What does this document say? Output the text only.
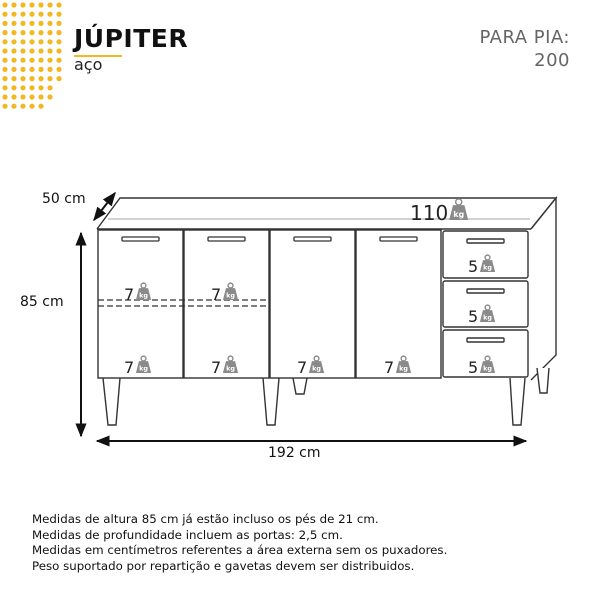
JÚPITER
aço
PARA PIA:
200
50 cm
85 cm
192 cm
110 kg
7 kg	7 kg
7 kg	7 kg	7 kg	7 kg
5 kg
5 kg
5 kg
Medidas de altura 85 cm já estão incluso os pés de 21 cm.
Medidas de profundidade incluem as portas: 2,5 cm.
Medidas em centímetros referentes a área externa sem os puxadores.
Peso suportado por repartição e gavetas devem ser distribuidos.
